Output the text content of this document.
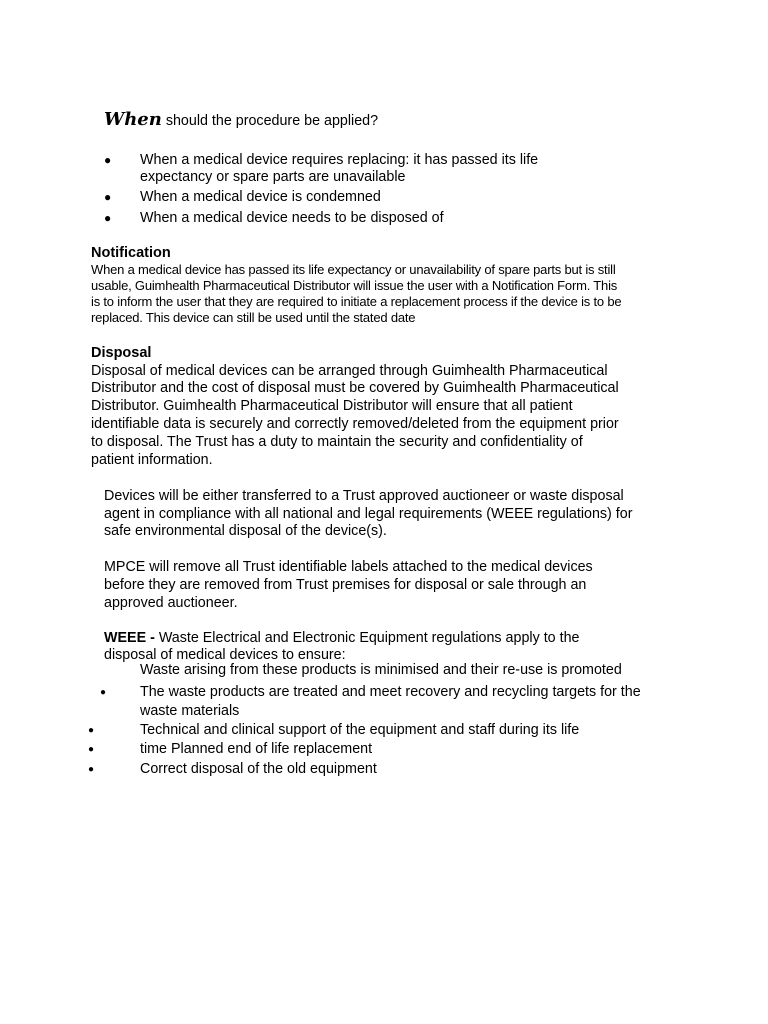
When should the procedure be applied?
● When a medical device requires replacing: it has passed its life
expectancy or spare parts are unavailable
● When a medical device is condemned
● When a medical device needs to be disposed of
Notification
When a medical device has passed its life expectancy or unavailability of spare parts but is still
usable, Guimhealth Pharmaceutical Distributor will issue the user with a Notification Form. This
is to inform the user that they are required to initiate a replacement process if the device is to be
replaced. This device can still be used until the stated date
Disposal
Disposal of medical devices can be arranged through Guimhealth Pharmaceutical
Distributor and the cost of disposal must be covered by Guimhealth Pharmaceutical
Distributor. Guimhealth Pharmaceutical Distributor will ensure that all patient
identifiable data is securely and correctly removed/deleted from the equipment prior
to disposal. The Trust has a duty to maintain the security and confidentiality of
patient information.
Devices will be either transferred to a Trust approved auctioneer or waste disposal
agent in compliance with all national and legal requirements (WEEE regulations) for
safe environmental disposal of the device(s).
MPCE will remove all Trust identifiable labels attached to the medical devices
before they are removed from Trust premises for disposal or sale through an
approved auctioneer.
WEEE - Waste Electrical and Electronic Equipment regulations apply to the
disposal of medical devices to ensure:
Waste arising from these products is minimised and their re-use is promoted
● The waste products are treated and meet recovery and recycling targets for the
waste materials
●	Technical and clinical support of the equipment and staff during its life
●	time Planned end of life replacement
●	Correct disposal of the old equipment
